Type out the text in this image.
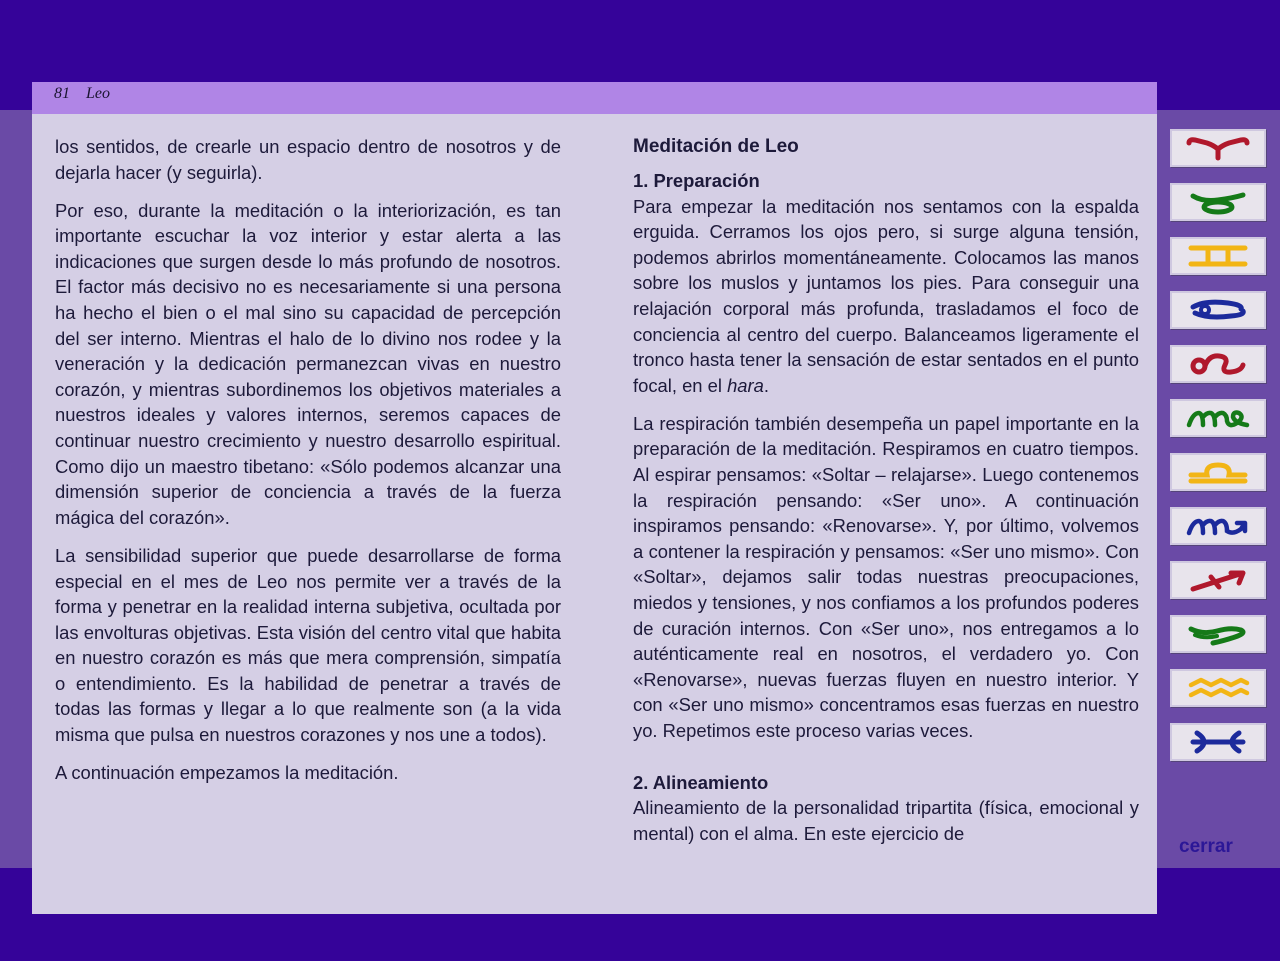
81 Leo

los sentidos, de crearle un espacio dentro de nosotros y de dejarla hacer (y seguirla).

Por eso, durante la meditación o la interiorización, es tan importante escuchar la voz interior y estar alerta a las indicaciones que surgen desde lo más profundo de nosotros. El factor más decisivo no es necesariamente si una persona ha hecho el bien o el mal sino su capacidad de percepción del ser interno. Mientras el halo de lo divino nos rodee y la veneración y la dedicación permanezcan vivas en nuestro corazón, y mientras subordinemos los objetivos materiales a nuestros ideales y valores internos, seremos capaces de continuar nuestro crecimiento y nuestro desarrollo espiritual. Como dijo un maestro tibetano: «Sólo podemos alcanzar una dimensión superior de conciencia a través de la fuerza mágica del corazón».

La sensibilidad superior que puede desarrollarse de forma especial en el mes de Leo nos permite ver a través de la forma y penetrar en la realidad interna subjetiva, ocultada por las envolturas objetivas. Esta visión del centro vital que habita en nuestro corazón es más que mera comprensión, simpatía o entendimiento. Es la habilidad de penetrar a través de todas las formas y llegar a lo que realmente son (a la vida misma que pulsa en nuestros corazones y nos une a todos).

A continuación empezamos la meditación.

Meditación de Leo
1. Preparación

Para empezar la meditación nos sentamos con la espalda erguida. Cerramos los ojos pero, si surge alguna tensión, podemos abrirlos momentáneamente. Colocamos las manos sobre los muslos y juntamos los pies. Para conseguir una relajación corporal más profunda, trasladamos el foco de conciencia al centro del cuerpo. Balanceamos ligeramente el tronco hasta tener la sensación de estar sentados en el punto focal, en el hara.

La respiración también desempeña un papel importante en la preparación de la meditación. Respiramos en cuatro tiempos. Al espirar pensamos: «Soltar – relajarse». Luego contenemos la respiración pensando: «Ser uno». A continuación inspiramos pensando: «Renovarse». Y, por último, volvemos a contener la respiración y pensamos: «Ser uno mismo». Con «Soltar», dejamos salir todas nuestras preocupaciones, miedos y tensiones, y nos confiamos a los profundos poderes de curación internos. Con «Ser uno», nos entregamos a lo auténticamente real en nosotros, el verdadero yo. Con «Renovarse», nuevas fuerzas fluyen en nuestro interior. Y con «Ser uno mismo» concentramos esas fuerzas en nuestro yo. Repetimos este proceso varias veces.

2. Alineamiento

Alineamiento de la personalidad tripartita (física, emocional y mental) con el alma. En este ejercicio de

cerrar
